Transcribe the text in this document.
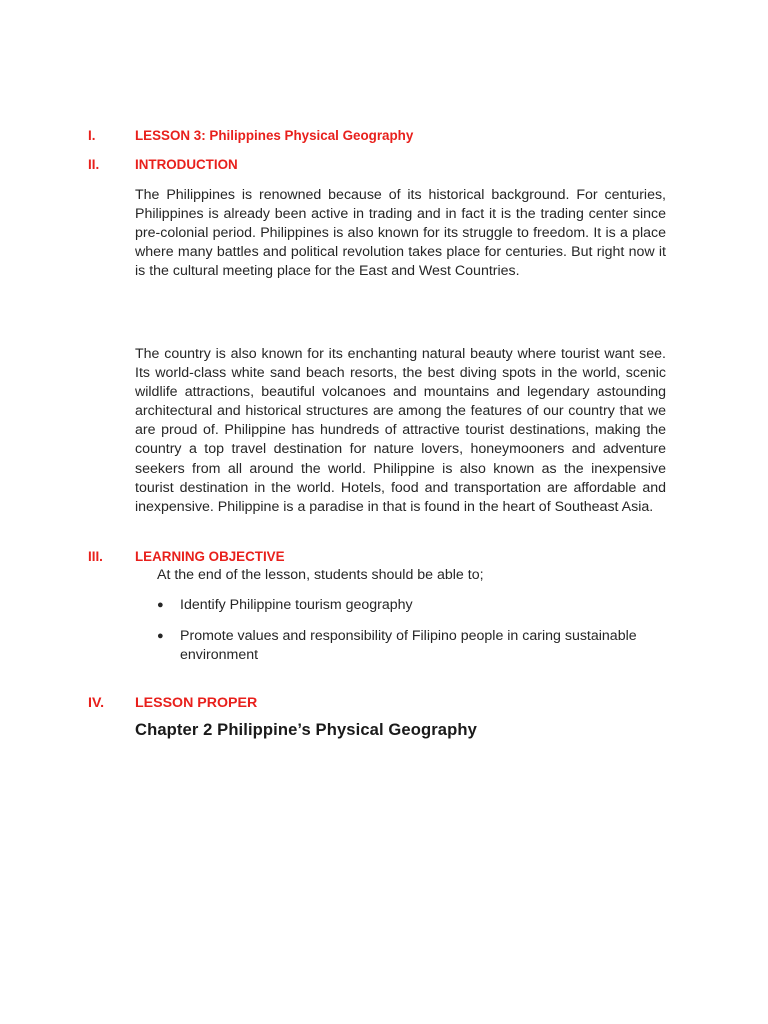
I.	LESSON 3: Philippines Physical Geography
II.	INTRODUCTION

The Philippines is renowned because of its historical background. For centuries, Philippines is already been active in trading and in fact it is the trading center since pre-colonial period. Philippines is also known for its struggle to freedom. It is a place where many battles and political revolution takes place for centuries. But right now it is the cultural meeting place for the East and West Countries.

The country is also known for its enchanting natural beauty where tourist want see. Its world-class white sand beach resorts, the best diving spots in the world, scenic wildlife attractions, beautiful volcanoes and mountains and legendary astounding architectural and historical structures are among the features of our country that we are proud of. Philippine has hundreds of attractive tourist destinations, making the country a top travel destination for nature lovers, honeymooners and adventure seekers from all around the world. Philippine is also known as the inexpensive tourist destination in the world. Hotels, food and transportation are affordable and inexpensive. Philippine is a paradise in that is found in the heart of Southeast Asia.

III.	LEARNING OBJECTIVE
At the end of the lesson, students should be able to;
●	Identify Philippine tourism geography
●	Promote values and responsibility of Filipino people in caring sustainable environment
IV.	LESSON PROPER
Chapter 2 Philippine’s Physical Geography
